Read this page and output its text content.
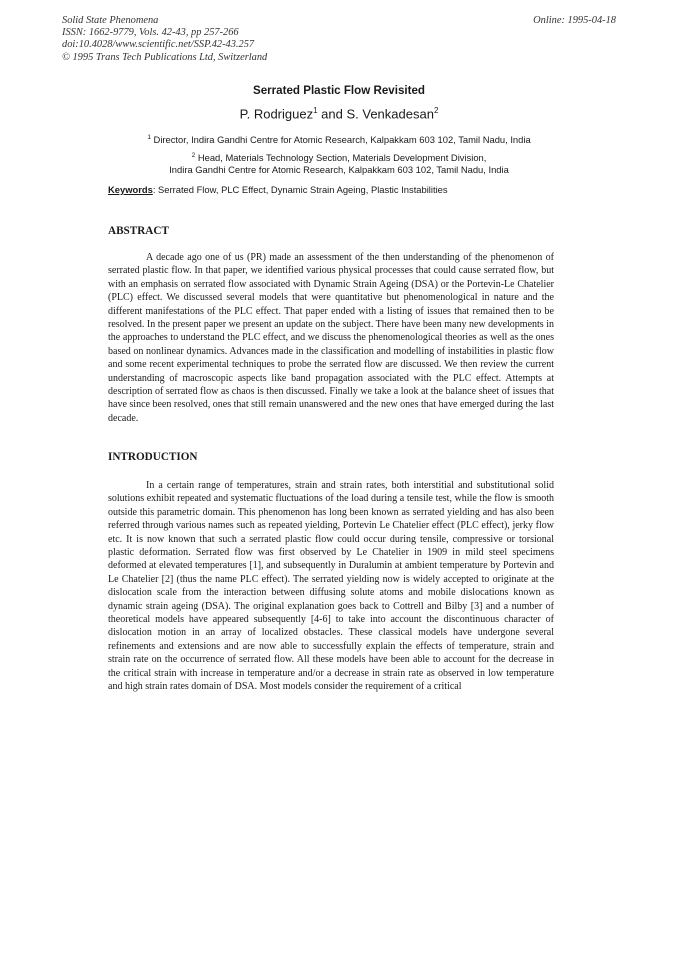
Solid State Phenomena
ISSN: 1662-9779, Vols. 42-43, pp 257-266
doi:10.4028/www.scientific.net/SSP.42-43.257
© 1995 Trans Tech Publications Ltd, Switzerland
Online: 1995-04-18
Serrated Plastic Flow Revisited
P. Rodriguez$^1$ and S. Venkadesan$^2$
$^1$ Director, Indira Gandhi Centre for Atomic Research, Kalpakkam 603 102, Tamil Nadu, India
$^2$ Head, Materials Technology Section, Materials Development Division,
Indira Gandhi Centre for Atomic Research, Kalpakkam 603 102, Tamil Nadu, India
Keywords: Serrated Flow, PLC Effect, Dynamic Strain Ageing, Plastic Instabilities
ABSTRACT

A decade ago one of us (PR) made an assessment of the then understanding of the phenomenon of serrated plastic flow. In that paper, we identified various physical processes that could cause serrated flow, but with an emphasis on serrated flow associated with Dynamic Strain Ageing (DSA) or the Portevin-Le Chatelier (PLC) effect. We discussed several models that were quantitative but phenomenological in nature and the different manifestations of the PLC effect. That paper ended with a listing of issues that remained then to be resolved. In the present paper we present an update on the subject. There have been many new developments in the approaches to understand the PLC effect, and we discuss the phenomenological theories as well as the ones based on nonlinear dynamics. Advances made in the classification and modelling of instabilities in plastic flow and some recent experimental techniques to probe the serrated flow are discussed. We then review the current understanding of macroscopic aspects like band propagation associated with the PLC effect. Attempts at description of serrated flow as chaos is then discussed. Finally we take a look at the balance sheet of issues that have since been resolved, ones that still remain unanswered and the new ones that have emerged during the last decade.

INTRODUCTION

In a certain range of temperatures, strain and strain rates, both interstitial and substitutional solid solutions exhibit repeated and systematic fluctuations of the load during a tensile test, while the flow is smooth outside this parametric domain. This phenomenon has long been known as serrated yielding and has also been referred through various names such as repeated yielding, Portevin Le Chatelier effect (PLC effect), jerky flow etc. It is now known that such a serrated plastic flow could occur during tensile, compressive or torsional plastic deformation. Serrated flow was first observed by Le Chatelier in 1909 in mild steel specimens deformed at elevated temperatures [1], and subsequently in Duralumin at ambient temperature by Portevin and Le Chatelier [2] (thus the name PLC effect). The serrated yielding now is widely accepted to originate at the dislocation scale from the interaction between diffusing solute atoms and mobile dislocations known as dynamic strain ageing (DSA). The original explanation goes back to Cottrell and Bilby [3] and a number of theoretical models have appeared subsequently [4-6] to take into account the discontinuous character of dislocation motion in an array of localized obstacles. These classical models have undergone several refinements and extensions and are now able to successfully explain the effects of temperature, strain and strain rate on the occurrence of serrated flow. All these models have been able to account for the decrease in the critical strain with increase in temperature and/or a decrease in strain rate as observed in low temperature and high strain rates domain of DSA. Most models consider the requirement of a critical
